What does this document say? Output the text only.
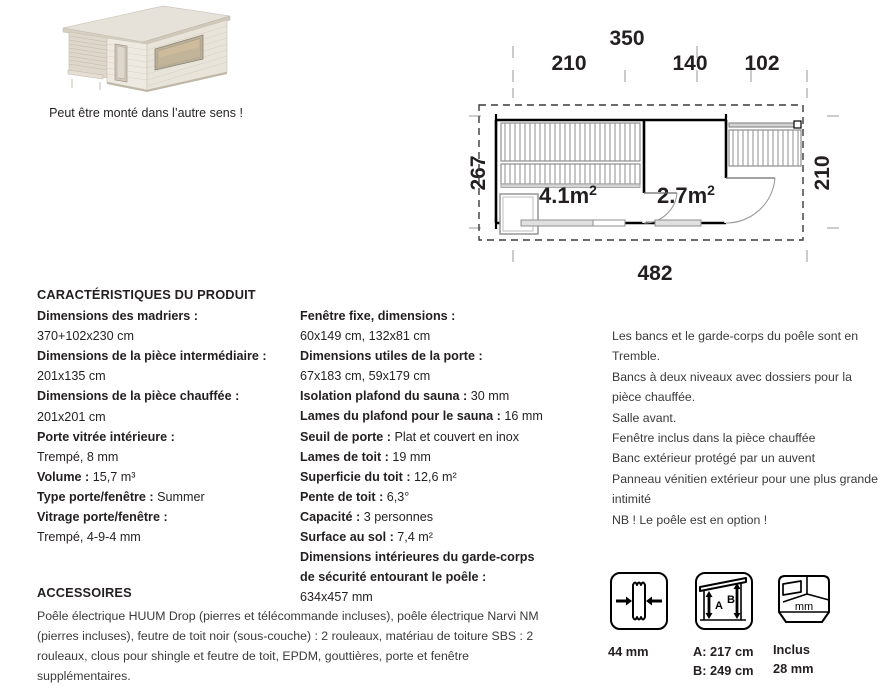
Peut être monté dans l’autre sens !
350
210	140 102
267	210
482
$4.1m^2$	$2.7m^2$
CARACTÉRISTIQUES DU PRODUIT

Dimensions des madriers :

370+102x230 cm

Dimensions de la pièce intermédiaire :

201x135 cm

Dimensions de la pièce chauffée :

201x201 cm

Porte vitrée intérieure :

Trempé, 8 mm

Volume : 15,7 m³

Type porte/fenêtre : Summer

Vitrage porte/fenêtre :

Trempé, 4-9-4 mm

Fenêtre fixe, dimensions :

60x149 cm, 132x81 cm

Dimensions utiles de la porte :

67x183 cm, 59x179 cm

Isolation plafond du sauna : 30 mm

Lames du plafond pour le sauna : 16 mm

Seuil de porte : Plat et couvert en inox

Lames de toit : 19 mm

Superficie du toit : 12,6 m²

Pente de toit : 6,3°

Capacité : 3 personnes

Surface au sol : 7,4 m²

Dimensions intérieures du garde-corps

de sécurité entourant le poêle :

634x457 mm

Les bancs et le garde-corps du poêle sont en

Tremble.

Bancs à deux niveaux avec dossiers pour la

pièce chauffée.

Salle avant.

Fenêtre inclus dans la pièce chauffée

Banc extérieur protégé par un auvent

Panneau vénitien extérieur pour une plus grande

intimité

NB ! Le poêle est en option !

ACCESSOIRES
Poêle électrique HUUM Drop (pierres et télécommande incluses), poêle électrique Narvi NM (pierres incluses), feutre de toit noir (sous-couche) : 2 rouleaux, matériau de toiture SBS : 2 rouleaux, clous pour shingle et feutre de toit, EPDM, gouttières, porte et fenêtre supplémentaires.
44 mm
A B
A: 217 cm
B: 249 cm
mm
Inclus
28 mm
